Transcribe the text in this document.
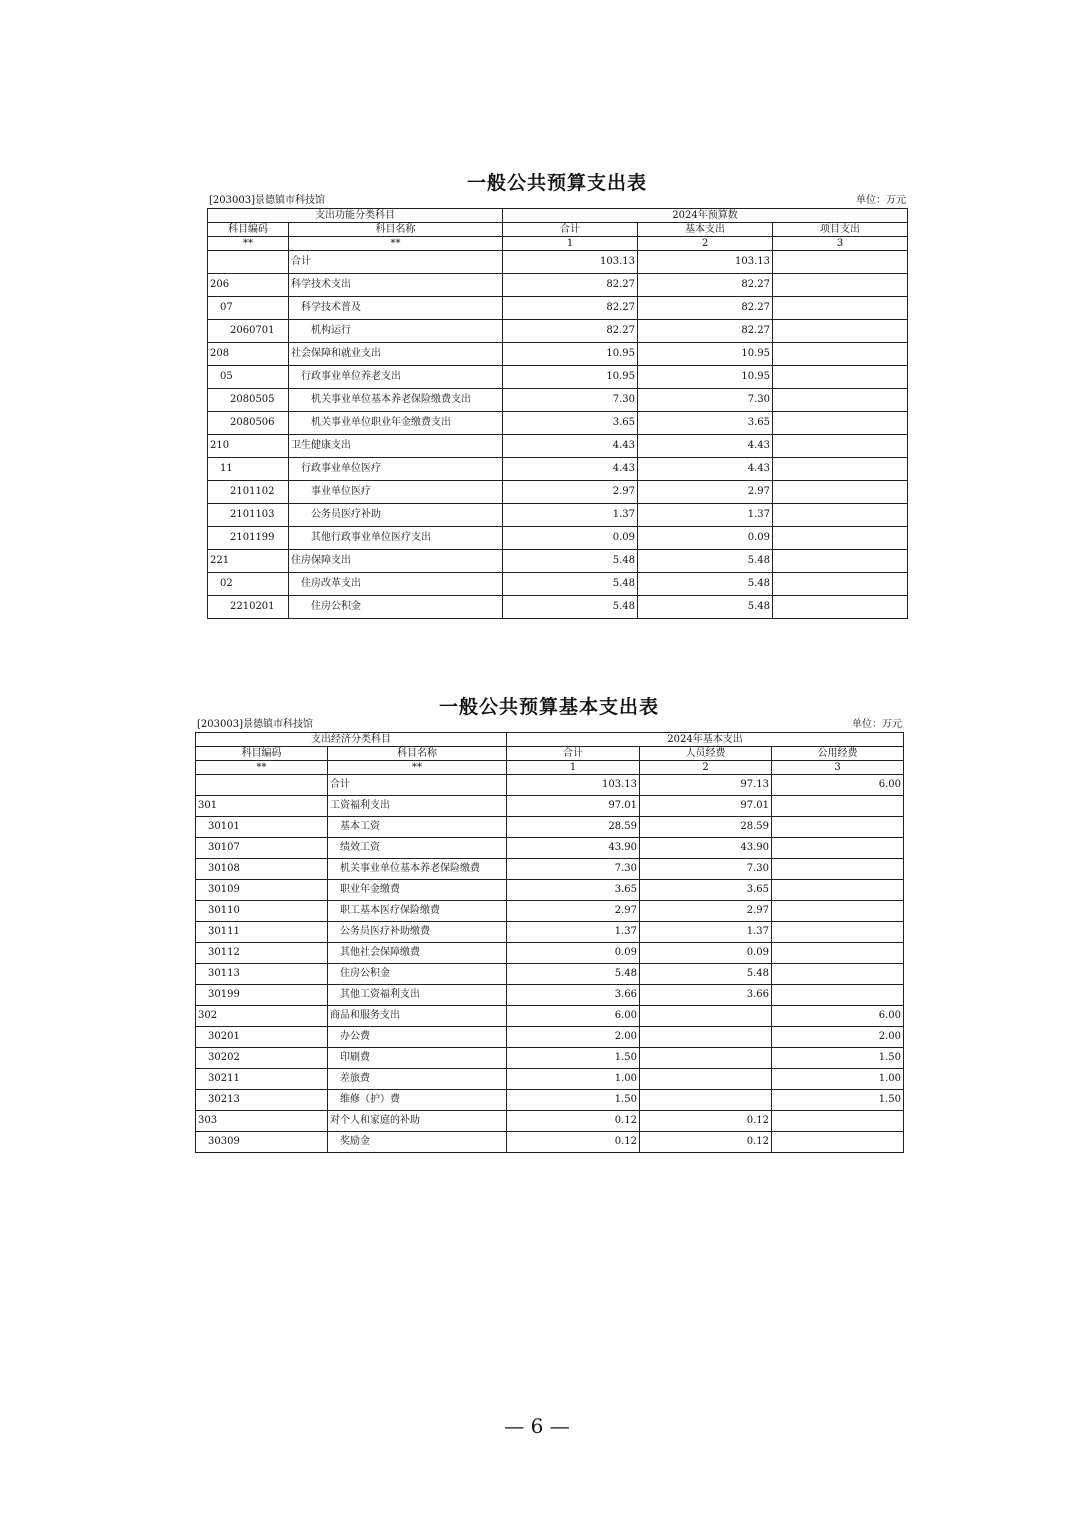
一般公共预算支出表
[203003]景德镇市科技馆	单位：万元
支出功能分类科目		2024年预算数		
科目编码	科目名称	合计	基本支出	项目支出
**	**	1	2	3
	合计	103.13	103.13	
206	科学技术支出	82.27	82.27	
07	科学技术普及	82.27	82.27	
2060701	机构运行	82.27	82.27	
208	社会保障和就业支出	10.95	10.95	
05	行政事业单位养老支出	10.95	10.95	
2080505	机关事业单位基本养老保险缴费支出	7.30	7.30	
2080506	机关事业单位职业年金缴费支出	3.65	3.65	
210	卫生健康支出	4.43	4.43	
11	行政事业单位医疗	4.43	4.43	
2101102	事业单位医疗	2.97	2.97	
2101103	公务员医疗补助	1.37	1.37	
2101199	其他行政事业单位医疗支出	0.09	0.09	
221	住房保障支出	5.48	5.48	
02	住房改革支出	5.48	5.48	
2210201	住房公积金	5.48	5.48	
一般公共预算基本支出表
[203003]景德镇市科技馆	单位：万元
支出经济分类科目		2024年基本支出		
科目编码	科目名称	合计	人员经费	公用经费
**	**	1	2	3
	合计	103.13	97.13	6.00
301	工资福利支出	97.01	97.01	
30101	基本工资	28.59	28.59	
30107	绩效工资	43.90	43.90	
30108	机关事业单位基本养老保险缴费	7.30	7.30	
30109	职业年金缴费	3.65	3.65	
30110	职工基本医疗保险缴费	2.97	2.97	
30111	公务员医疗补助缴费	1.37	1.37	
30112	其他社会保障缴费	0.09	0.09	
30113	住房公积金	5.48	5.48	
30199	其他工资福利支出	3.66	3.66	
302	商品和服务支出	6.00		6.00
30201	办公费	2.00		2.00
30202	印刷费	1.50		1.50
30211	差旅费	1.00		1.00
30213	维修（护）费	1.50		1.50
303	对个人和家庭的补助	0.12	0.12	
30309	奖励金	0.12	0.12	
— 6 —
